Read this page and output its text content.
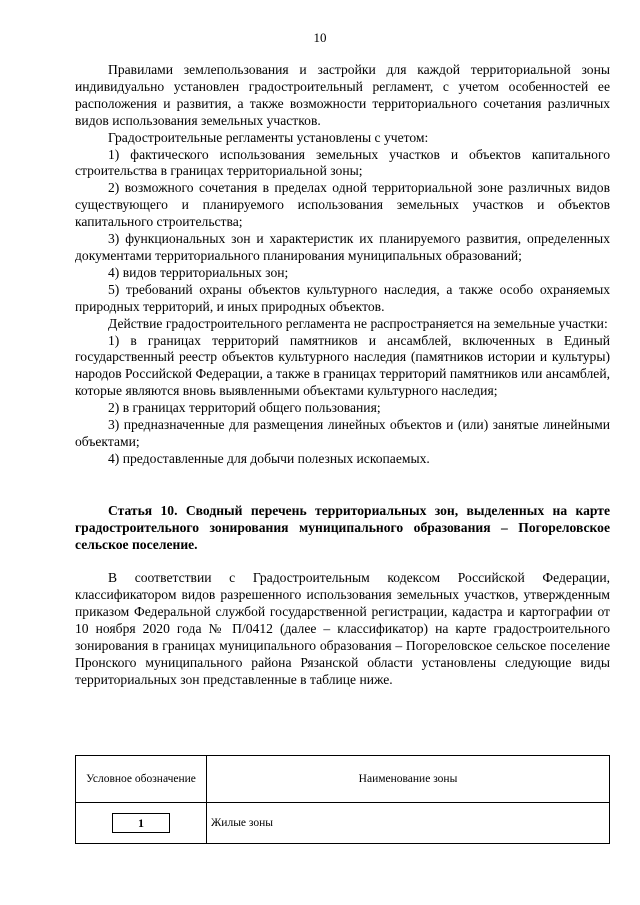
10

Правилами землепользования и застройки для каждой территориальной зоны индивидуально установлен градостроительный регламент, с учетом особенностей ее расположения и развития, а также возможности территориального сочетания различных видов использования земельных участков.

Градостроительные регламенты установлены с учетом:

1) фактического использования земельных участков и объектов капитального строительства в границах территориальной зоны;

2) возможного сочетания в пределах одной территориальной зоне различных видов существующего и планируемого использования земельных участков и объектов капитального строительства;

3) функциональных зон и характеристик их планируемого развития, определенных документами территориального планирования муниципальных образований;

4) видов территориальных зон;

5) требований охраны объектов культурного наследия, а также особо охраняемых природных территорий, и иных природных объектов.

Действие градостроительного регламента не распространяется на земельные участки:

1) в границах территорий памятников и ансамблей, включенных в Единый государственный реестр объектов культурного наследия (памятников истории и культуры) народов Российской Федерации, а также в границах территорий памятников или ансамблей, которые являются вновь выявленными объектами культурного наследия;

2) в границах территорий общего пользования;

3) предназначенные для размещения линейных объектов и (или) занятые линейными объектами;

4) предоставленные для добычи полезных ископаемых.

Статья 10. Сводный перечень территориальных зон, выделенных на карте градостроительного зонирования муниципального образования – Погореловское сельское поселение.

В соответствии с Градостроительным кодексом Российской Федерации, классификатором видов разрешенного использования земельных участков, утвержденным приказом Федеральной службой государственной регистрации, кадастра и картографии от 10 ноября 2020 года № П/0412 (далее – классификатор) на карте градостроительного зонирования в границах муниципального образования – Погореловское сельское поселение Пронского муниципального района Рязанской области установлены следующие виды территориальных зон представленные в таблице ниже.

Условное обозначение	Наименование зоны
1	Жилые зоны
